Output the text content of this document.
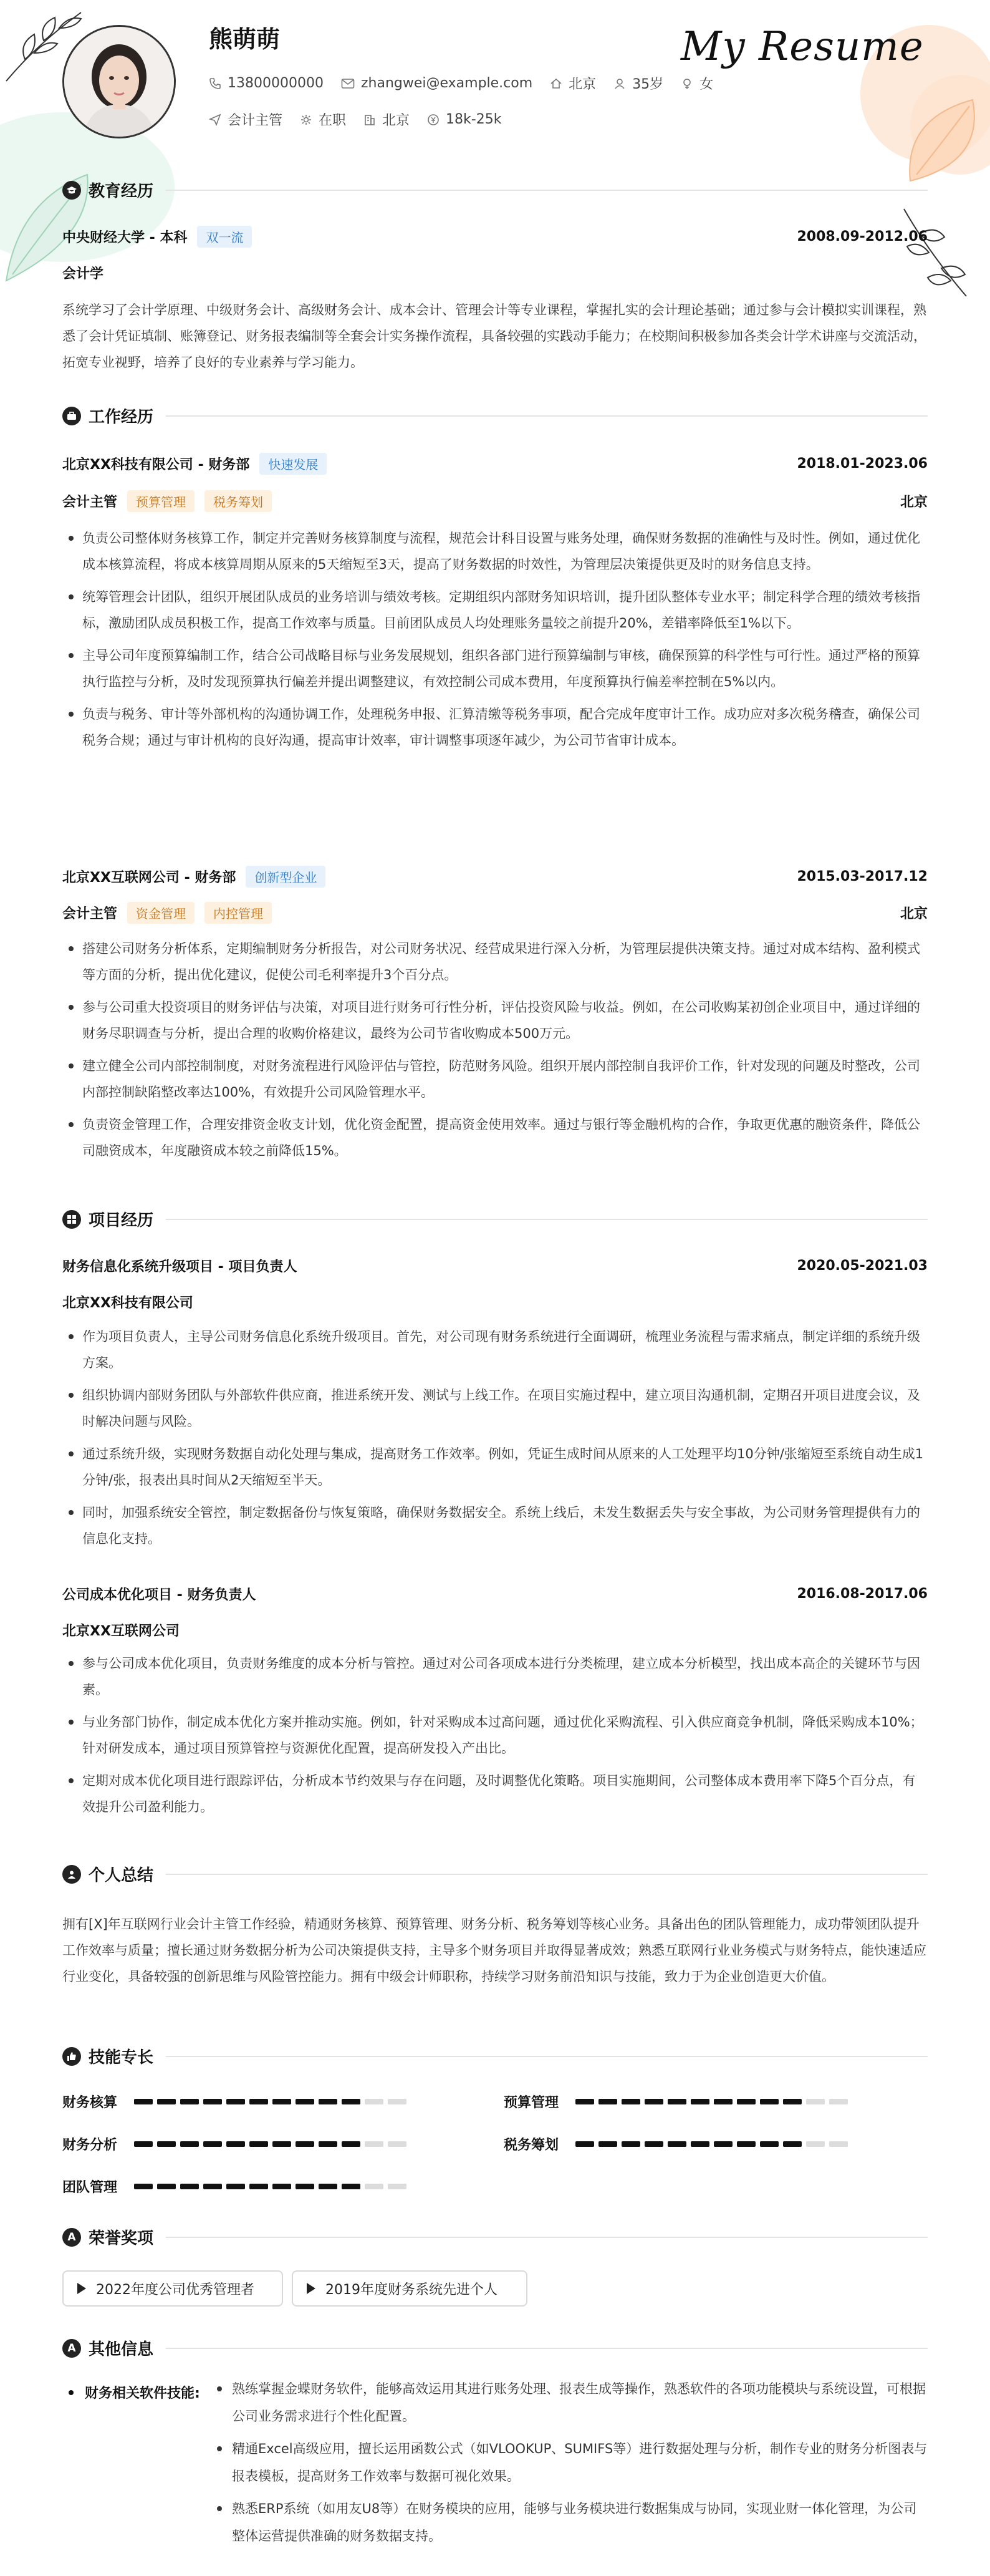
熊萌萌	My Resume
13800000000	zhangwei@example.com	北京	35岁	女
会计主管	在职	北京	18k-25k
教育经历
中央财经大学 - 本科	双一流	2008.09-2012.06
会计学

系统学习了会计学原理、中级财务会计、高级财务会计、成本会计、管理会计等专业课程，掌握扎实的会计理论基础；通过参与会计模拟实训课程，熟悉了会计凭证填制、账簿登记、财务报表编制等全套会计实务操作流程，具备较强的实践动手能力；在校期间积极参加各类会计学术讲座与交流活动，拓宽专业视野，培养了良好的专业素养与学习能力。

工作经历
北京XX科技有限公司 - 财务部	快速发展	2018.01-2023.06
会计主管	预算管理	税务筹划	北京
负责公司整体财务核算工作，制定并完善财务核算制度与流程，规范会计科目设置与账务处理，确保财务数据的准确性与及时性。例如，通过优化成本核算流程，将成本核算周期从原来的5天缩短至3天，提高了财务数据的时效性，为管理层决策提供更及时的财务信息支持。
统筹管理会计团队，组织开展团队成员的业务培训与绩效考核。定期组织内部财务知识培训，提升团队整体专业水平；制定科学合理的绩效考核指标，激励团队成员积极工作，提高工作效率与质量。目前团队成员人均处理账务量较之前提升20%，差错率降低至1%以下。
主导公司年度预算编制工作，结合公司战略目标与业务发展规划，组织各部门进行预算编制与审核，确保预算的科学性与可行性。通过严格的预算执行监控与分析，及时发现预算执行偏差并提出调整建议，有效控制公司成本费用，年度预算执行偏差率控制在5%以内。
负责与税务、审计等外部机构的沟通协调工作，处理税务申报、汇算清缴等税务事项，配合完成年度审计工作。成功应对多次税务稽查，确保公司税务合规；通过与审计机构的良好沟通，提高审计效率，审计调整事项逐年减少，为公司节省审计成本。
北京XX互联网公司 - 财务部	创新型企业	2015.03-2017.12
会计主管	资金管理	内控管理	北京
搭建公司财务分析体系，定期编制财务分析报告，对公司财务状况、经营成果进行深入分析，为管理层提供决策支持。通过对成本结构、盈利模式等方面的分析，提出优化建议，促使公司毛利率提升3个百分点。
参与公司重大投资项目的财务评估与决策，对项目进行财务可行性分析，评估投资风险与收益。例如，在公司收购某初创企业项目中，通过详细的财务尽职调查与分析，提出合理的收购价格建议，最终为公司节省收购成本500万元。
建立健全公司内部控制制度，对财务流程进行风险评估与管控，防范财务风险。组织开展内部控制自我评价工作，针对发现的问题及时整改，公司内部控制缺陷整改率达100%，有效提升公司风险管理水平。
负责资金管理工作，合理安排资金收支计划，优化资金配置，提高资金使用效率。通过与银行等金融机构的合作，争取更优惠的融资条件，降低公司融资成本，年度融资成本较之前降低15%。
项目经历
财务信息化系统升级项目 - 项目负责人	2020.05-2021.03
北京XX科技有限公司
作为项目负责人，主导公司财务信息化系统升级项目。首先，对公司现有财务系统进行全面调研，梳理业务流程与需求痛点，制定详细的系统升级方案。
组织协调内部财务团队与外部软件供应商，推进系统开发、测试与上线工作。在项目实施过程中，建立项目沟通机制，定期召开项目进度会议，及时解决问题与风险。
通过系统升级，实现财务数据自动化处理与集成，提高财务工作效率。例如，凭证生成时间从原来的人工处理平均10分钟/张缩短至系统自动生成1分钟/张，报表出具时间从2天缩短至半天。
同时，加强系统安全管控，制定数据备份与恢复策略，确保财务数据安全。系统上线后，未发生数据丢失与安全事故，为公司财务管理提供有力的信息化支持。
公司成本优化项目 - 财务负责人	2016.08-2017.06
北京XX互联网公司
参与公司成本优化项目，负责财务维度的成本分析与管控。通过对公司各项成本进行分类梳理，建立成本分析模型，找出成本高企的关键环节与因素。
与业务部门协作，制定成本优化方案并推动实施。例如，针对采购成本过高问题，通过优化采购流程、引入供应商竞争机制，降低采购成本10%；针对研发成本，通过项目预算管控与资源优化配置，提高研发投入产出比。
定期对成本优化项目进行跟踪评估，分析成本节约效果与存在问题，及时调整优化策略。项目实施期间，公司整体成本费用率下降5个百分点，有效提升公司盈利能力。
个人总结

拥有[X]年互联网行业会计主管工作经验，精通财务核算、预算管理、财务分析、税务筹划等核心业务。具备出色的团队管理能力，成功带领团队提升工作效率与质量；擅长通过财务数据分析为公司决策提供支持，主导多个财务项目并取得显著成效；熟悉互联网行业业务模式与财务特点，能快速适应行业变化，具备较强的创新思维与风险管控能力。拥有中级会计师职称，持续学习财务前沿知识与技能，致力于为企业创造更大价值。

技能专长
财务核算	预算管理
财务分析	税务筹划
团队管理
A 荣誉奖项
2022年度公司优秀管理者	2019年度财务系统先进个人
A 其他信息
财务相关软件技能:	熟练掌握金蝶财务软件，能够高效运用其进行账务处理、报表生成等操作，熟悉软件的各项功能模块与系统设置，可根据公司业务需求进行个性化配置。
精通Excel高级应用，擅长运用函数公式（如VLOOKUP、SUMIFS等）进行数据处理与分析，制作专业的财务分析图表与报表模板，提高财务工作效率与数据可视化效果。
熟悉ERP系统（如用友U8等）在财务模块的应用，能够与业务模块进行数据集成与协同，实现业财一体化管理，为公司整体运营提供准确的财务数据支持。
